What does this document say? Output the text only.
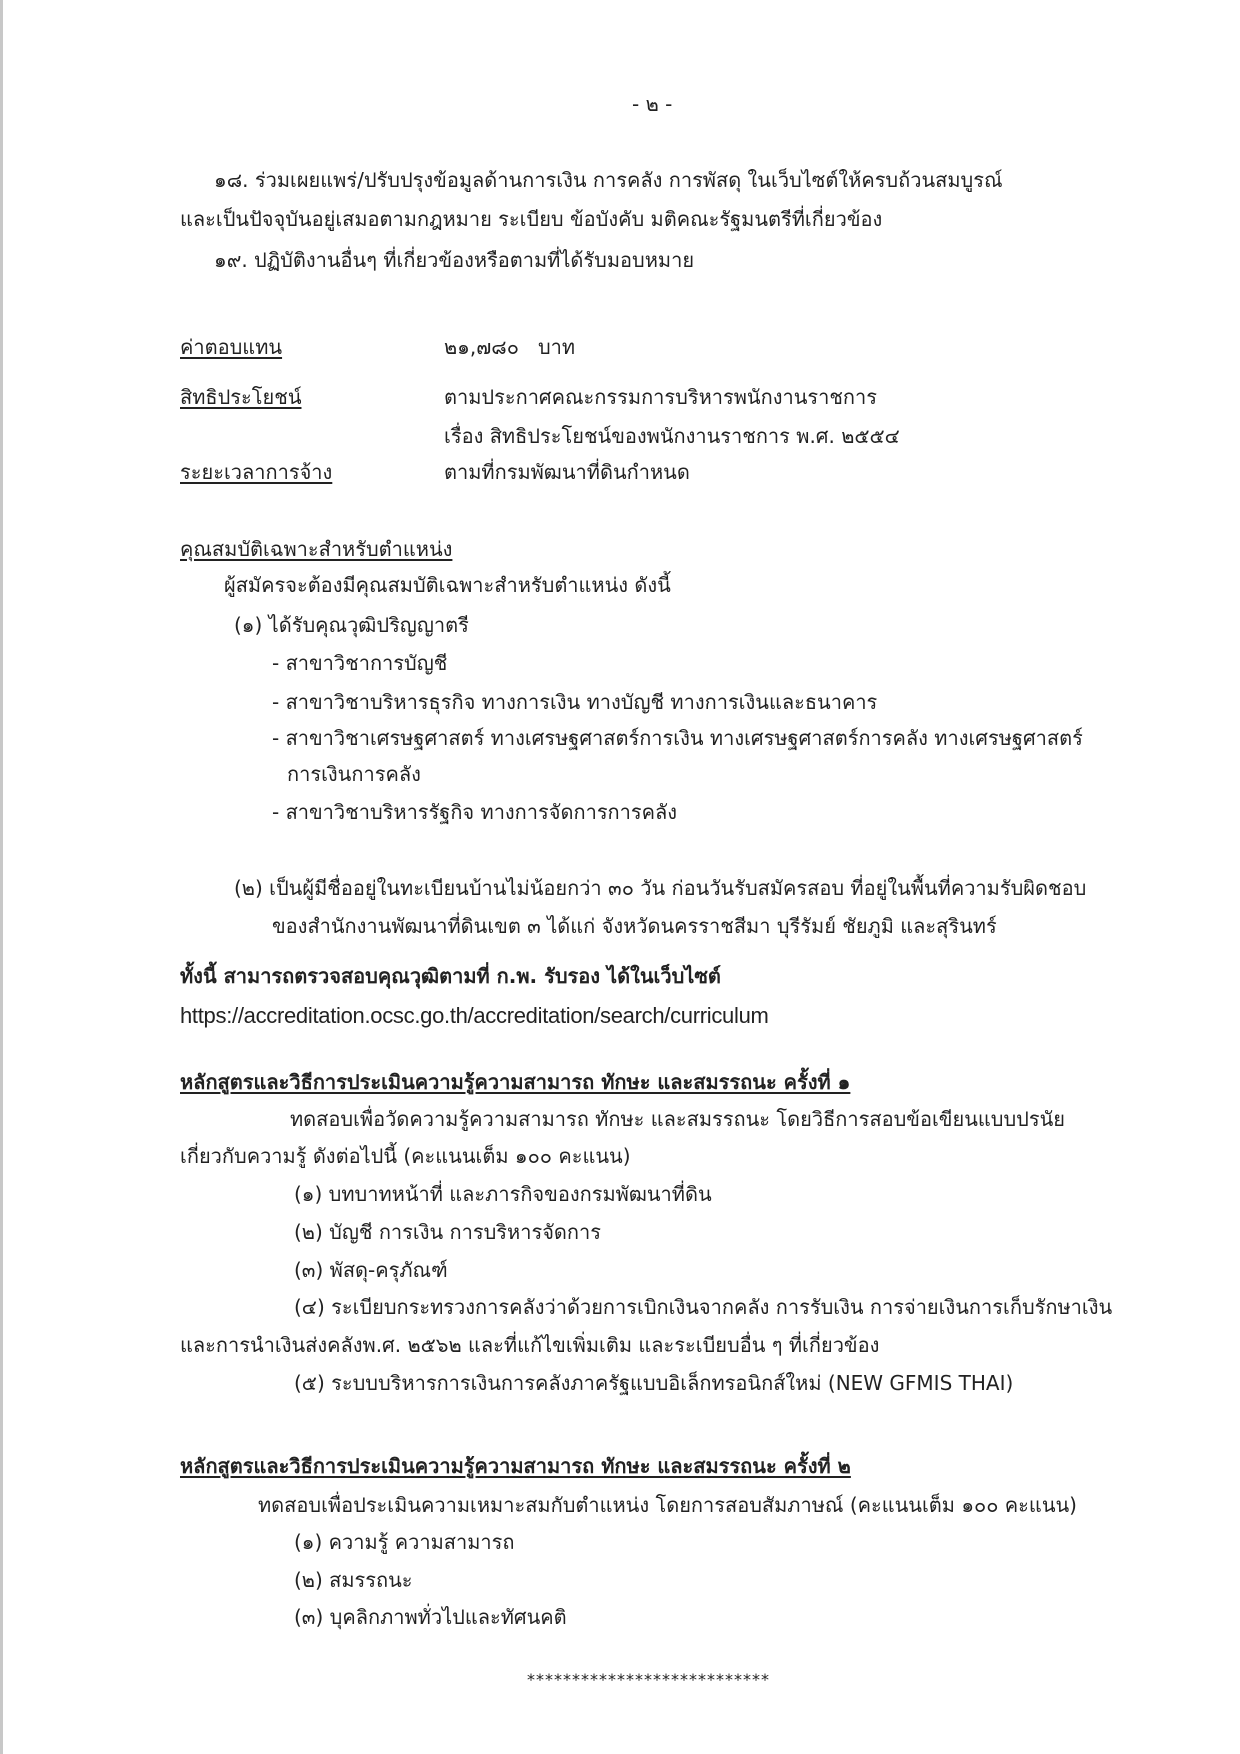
- ๒ -
๑๘. ร่วมเผยแพร่/ปรับปรุงข้อมูลด้านการเงิน การคลัง การพัสดุ ในเว็บไซต์ให้ครบถ้วนสมบูรณ์
และเป็นปัจจุบันอยู่เสมอตามกฎหมาย ระเบียบ ข้อบังคับ มติคณะรัฐมนตรีที่เกี่ยวข้อง
๑๙. ปฏิบัติงานอื่นๆ ที่เกี่ยวข้องหรือตามที่ได้รับมอบหมาย
ค่าตอบแทน	๒๑,๗๘๐   บาท
สิทธิประโยชน์	ตามประกาศคณะกรรมการบริหารพนักงานราชการ
เรื่อง สิทธิประโยชน์ของพนักงานราชการ พ.ศ. ๒๕๕๔
ระยะเวลาการจ้าง	ตามที่กรมพัฒนาที่ดินกำหนด
คุณสมบัติเฉพาะสำหรับตำแหน่ง
ผู้สมัครจะต้องมีคุณสมบัติเฉพาะสำหรับตำแหน่ง ดังนี้
(๑) ได้รับคุณวุฒิปริญญาตรี
- สาขาวิชาการบัญชี
- สาขาวิชาบริหารธุรกิจ ทางการเงิน ทางบัญชี ทางการเงินและธนาคาร
- สาขาวิชาเศรษฐศาสตร์ ทางเศรษฐศาสตร์การเงิน ทางเศรษฐศาสตร์การคลัง ทางเศรษฐศาสตร์
การเงินการคลัง
- สาขาวิชาบริหารรัฐกิจ ทางการจัดการการคลัง
(๒) เป็นผู้มีชื่ออยู่ในทะเบียนบ้านไม่น้อยกว่า ๓๐ วัน ก่อนวันรับสมัครสอบ ที่อยู่ในพื้นที่ความรับผิดชอบ
ของสำนักงานพัฒนาที่ดินเขต ๓ ได้แก่ จังหวัดนครราชสีมา บุรีรัมย์ ชัยภูมิ และสุรินทร์
ทั้งนี้ สามารถตรวจสอบคุณวุฒิตามที่ ก.พ. รับรอง ได้ในเว็บไซต์
https://accreditation.ocsc.go.th/accreditation/search/curriculum
หลักสูตรและวิธีการประเมินความรู้ความสามารถ ทักษะ และสมรรถนะ ครั้งที่ ๑
ทดสอบเพื่อวัดความรู้ความสามารถ ทักษะ และสมรรถนะ โดยวิธีการสอบข้อเขียนแบบปรนัย
เกี่ยวกับความรู้ ดังต่อไปนี้ (คะแนนเต็ม ๑๐๐ คะแนน)
(๑) บทบาทหน้าที่ และภารกิจของกรมพัฒนาที่ดิน
(๒) บัญชี การเงิน การบริหารจัดการ
(๓) พัสดุ-ครุภัณฑ์
(๔) ระเบียบกระทรวงการคลังว่าด้วยการเบิกเงินจากคลัง การรับเงิน การจ่ายเงินการเก็บรักษาเงิน
และการนำเงินส่งคลังพ.ศ. ๒๕๖๒ และที่แก้ไขเพิ่มเติม และระเบียบอื่น ๆ ที่เกี่ยวข้อง
(๕) ระบบบริหารการเงินการคลังภาครัฐแบบอิเล็กทรอนิกส์ใหม่ (NEW GFMIS THAI)
หลักสูตรและวิธีการประเมินความรู้ความสามารถ ทักษะ และสมรรถนะ ครั้งที่ ๒
ทดสอบเพื่อประเมินความเหมาะสมกับตำแหน่ง โดยการสอบสัมภาษณ์ (คะแนนเต็ม ๑๐๐ คะแนน)
(๑) ความรู้ ความสามารถ
(๒) สมรรถนะ
(๓) บุคลิกภาพทั่วไปและทัศนคติ
***************************
